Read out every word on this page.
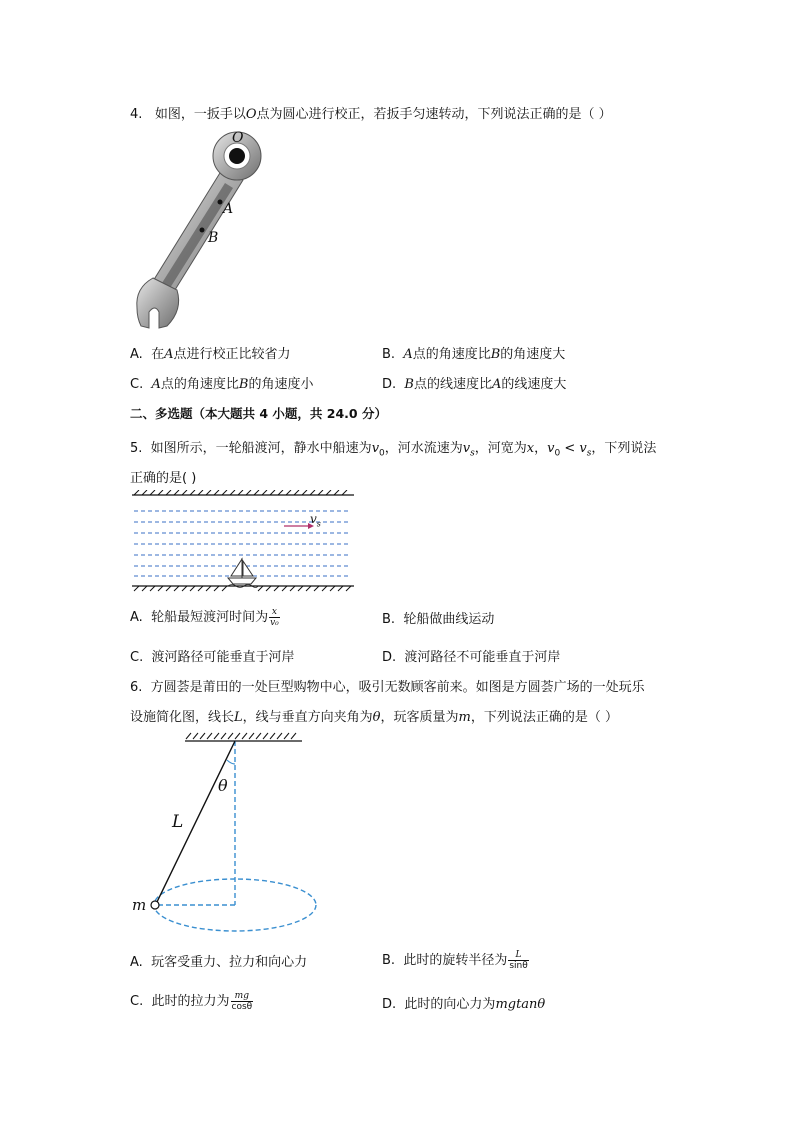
4. 如图，一扳手以O点为圆心进行校正，若扳手匀速转动，下列说法正确的是（ ）
O
A
B
A. 在A点进行校正比较省力	B. A点的角速度比B的角速度大
C. A点的角速度比B的角速度小	D. B点的线速度比A的线速度大
二、多选题（本大题共 4 小题，共 24.0 分）
5. 如图所示，一轮船渡河，静水中船速为$v_0$，河水流速为$v_s$，河宽为x，$v_0 < v_s$，下列说法
正确的是( )
$v_s$
A. 轮船最短渡河时间为 $\frac{x}{\text{v₀}}$	B. 轮船做曲线运动
C. 渡河路径可能垂直于河岸	D. 渡河路径不可能垂直于河岸
6. 方圆荟是莆田的一处巨型购物中心，吸引无数顾客前来。如图是方圆荟广场的一处玩乐
设施简化图，线长L，线与垂直方向夹角为θ，玩客质量为m，下列说法正确的是（ ）
θ
L
m
A. 玩客受重力、拉力和向心力	B. 此时的旋转半径为 $\frac{L}{\sin\theta}$
C. 此时的拉力为 $\frac{mg}{\cos\theta}$	D. 此时的向心力为mgtanθ
